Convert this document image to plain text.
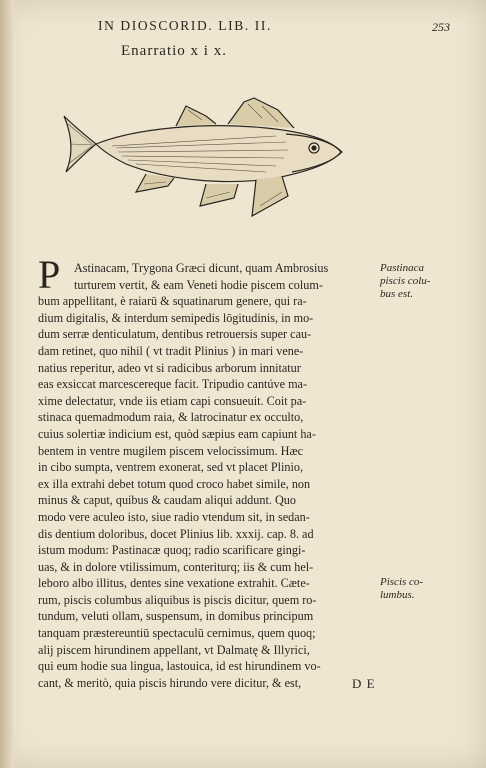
IN DIOSCORID. LIB. II.	253
Enarratio x i x.
P	Astinacam, Trygona Græci dicunt, quam Ambrosius
turturem vertit, & eam Veneti hodie piscem colum-
bum appellitant, è raiarū & squatinarum genere, qui ra-
dium digitalis, & interdum semipedis lōgitudinis, in mo-
dum serræ denticulatum, dentibus retrouersis super cau-
dam retinet, quo nihil ( vt tradit Plinius ) in mari vene-
natius reperitur, adeo vt si radicibus arborum innitatur
eas exsiccat marcescereque facit. Tripudio cantúve ma-
xime delectatur, vnde iis etiam capi consueuit. Coit pa-
stinaca quemadmodum raia, & latrocinatur ex occulto,
cuius solertiæ indicium est, quòd sæpius eam capiunt ha-
bentem in ventre mugilem piscem velocissimum. Hæc
in cibo sumpta, ventrem exonerat, sed vt placet Plinio,
ex illa extrahi debet totum quod croco habet simile, non
minus & caput, quibus & caudam aliqui addunt. Quo
modo vere aculeo isto, siue radio vtendum sit, in sedan-
dis dentium doloribus, docet Plinius lib. xxxij. cap. 8. ad
istum modum: Pastinacæ quoq; radio scarificare gingi-
uas, & in dolore vtilissimum, conteriturq; iis & cum hel-
leboro albo illitus, dentes sine vexatione extrahit. Cæte-
rum, piscis columbus aliquibus is piscis dicitur, quem ro-
tundum, veluti ollam, suspensum, in domibus principum
tanquam præstereuntiū spectaculū cernimus, quem quoq;
alij piscem hirundinem appellant, vt Dalmatę & Illyrici,
qui eum hodie sua lingua, lastouica, id est hirundinem vo-
cant, & meritò, quia piscis hirundo vere dicitur, & est,
Pastinaca
piscis colu-
bus est.
Piscis co-
lumbus.
D E
